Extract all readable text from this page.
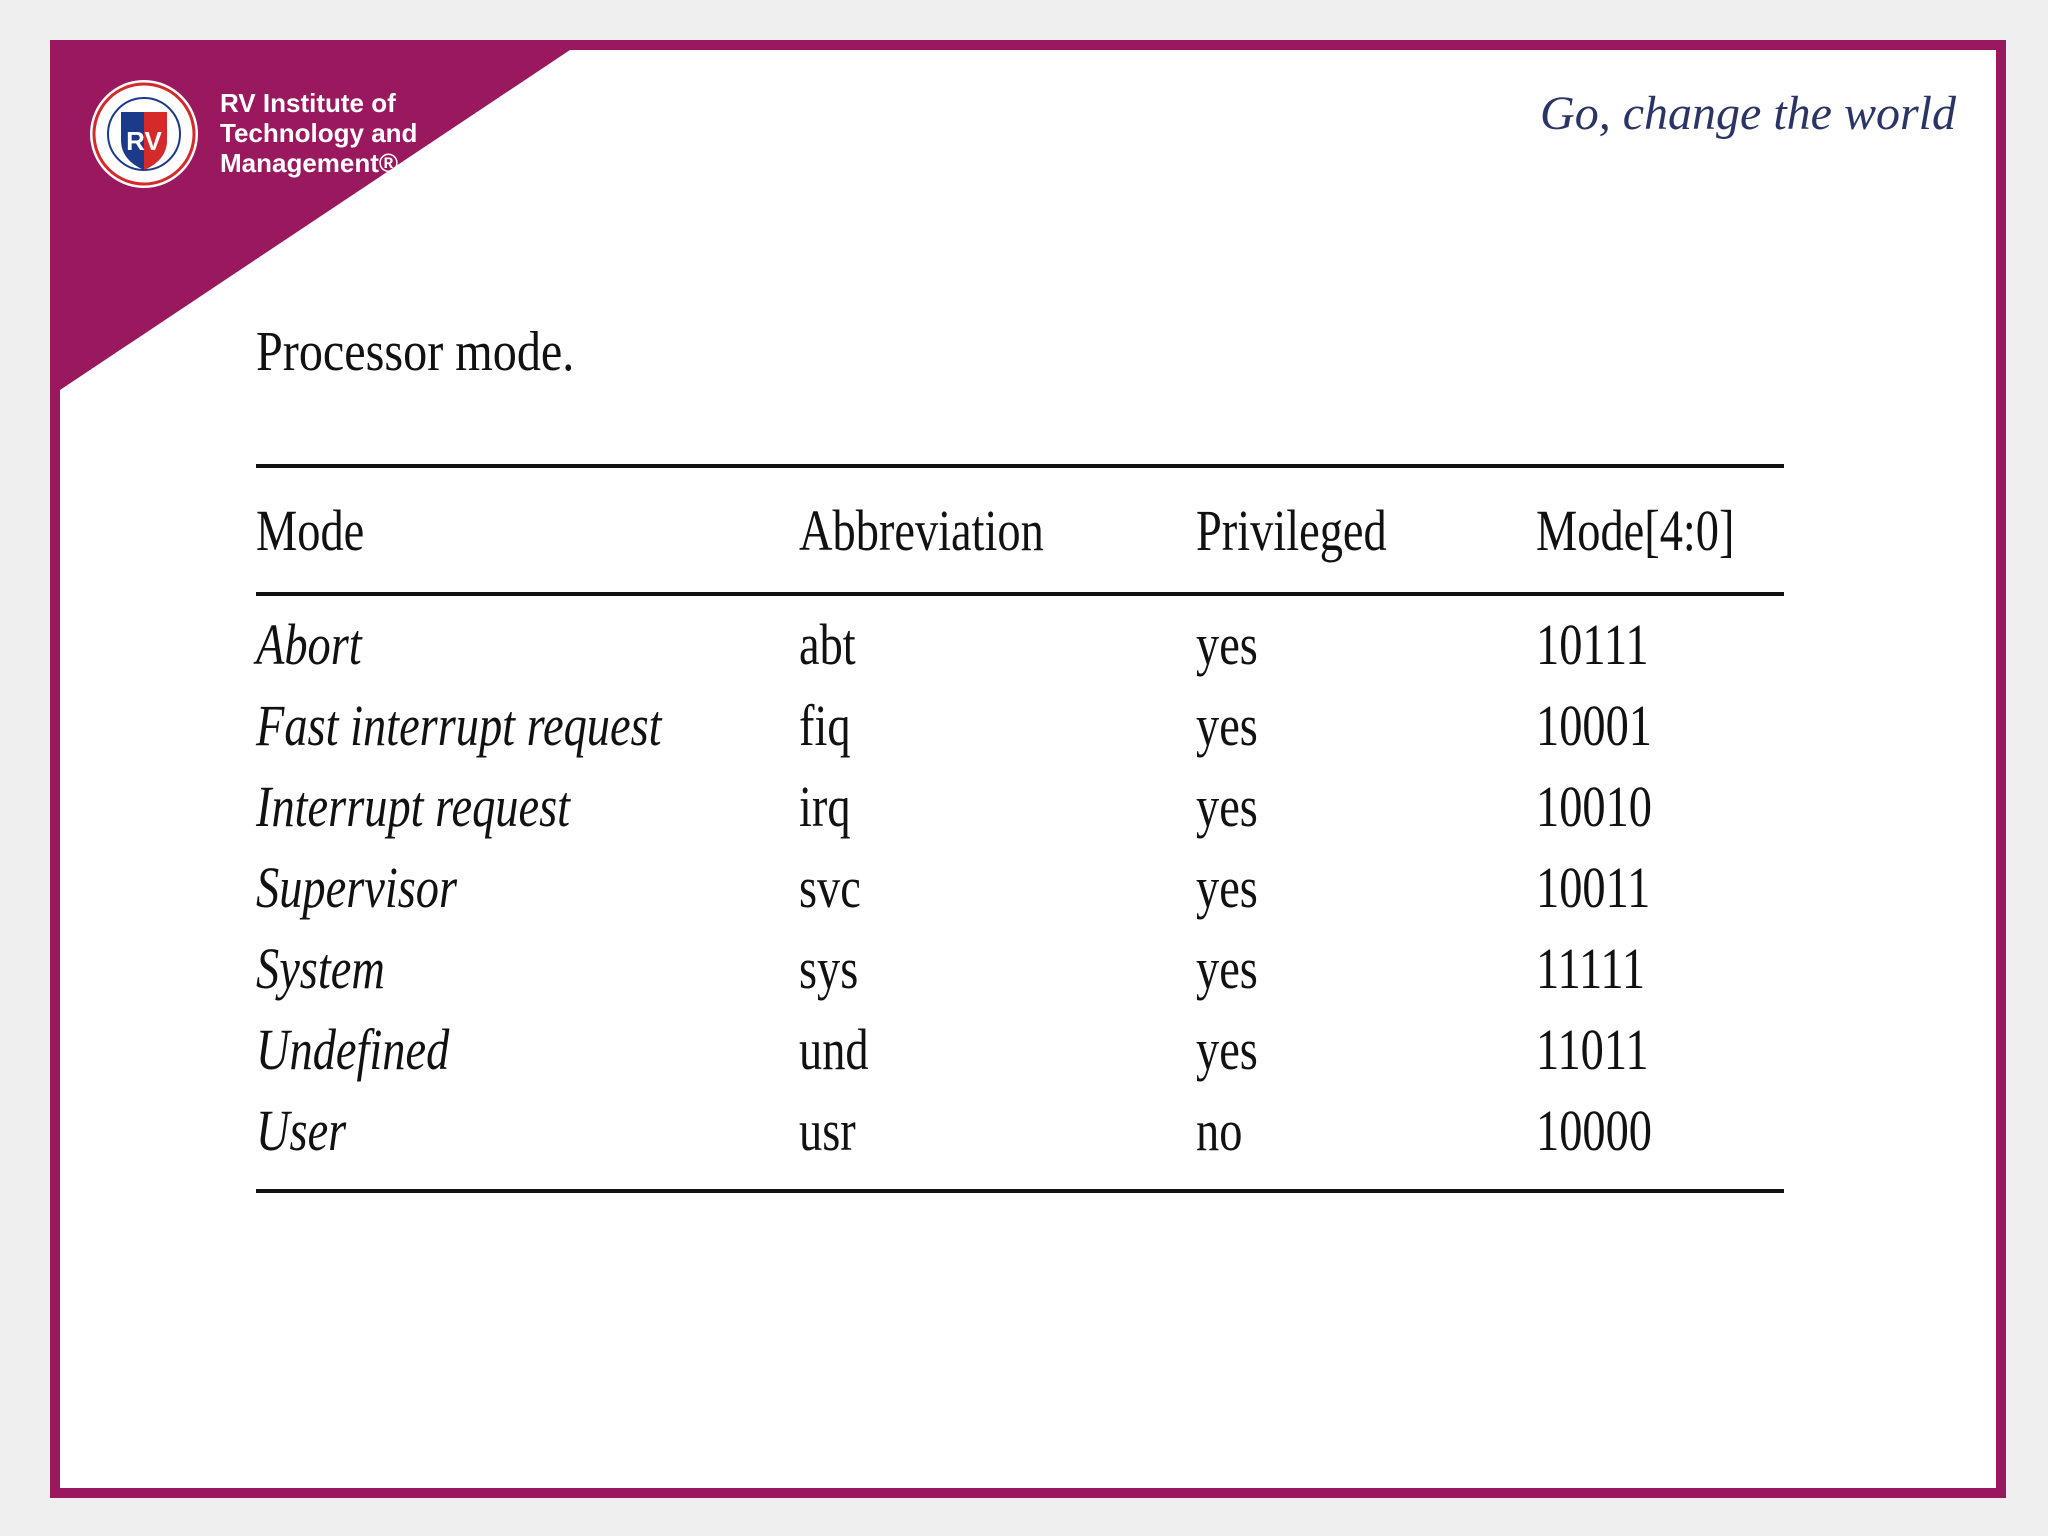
RV
RV Institute of
Technology and
Management®
Go, change the world
Processor mode.
Mode	Abbreviation	Privileged	Mode[4:0]
Abort	abt	yes	10111
Fast interrupt request	fiq	yes	10001
Interrupt request	irq	yes	10010
Supervisor	svc	yes	10011
System	sys	yes	11111
Undefined	und	yes	11011
User	usr	no	10000
